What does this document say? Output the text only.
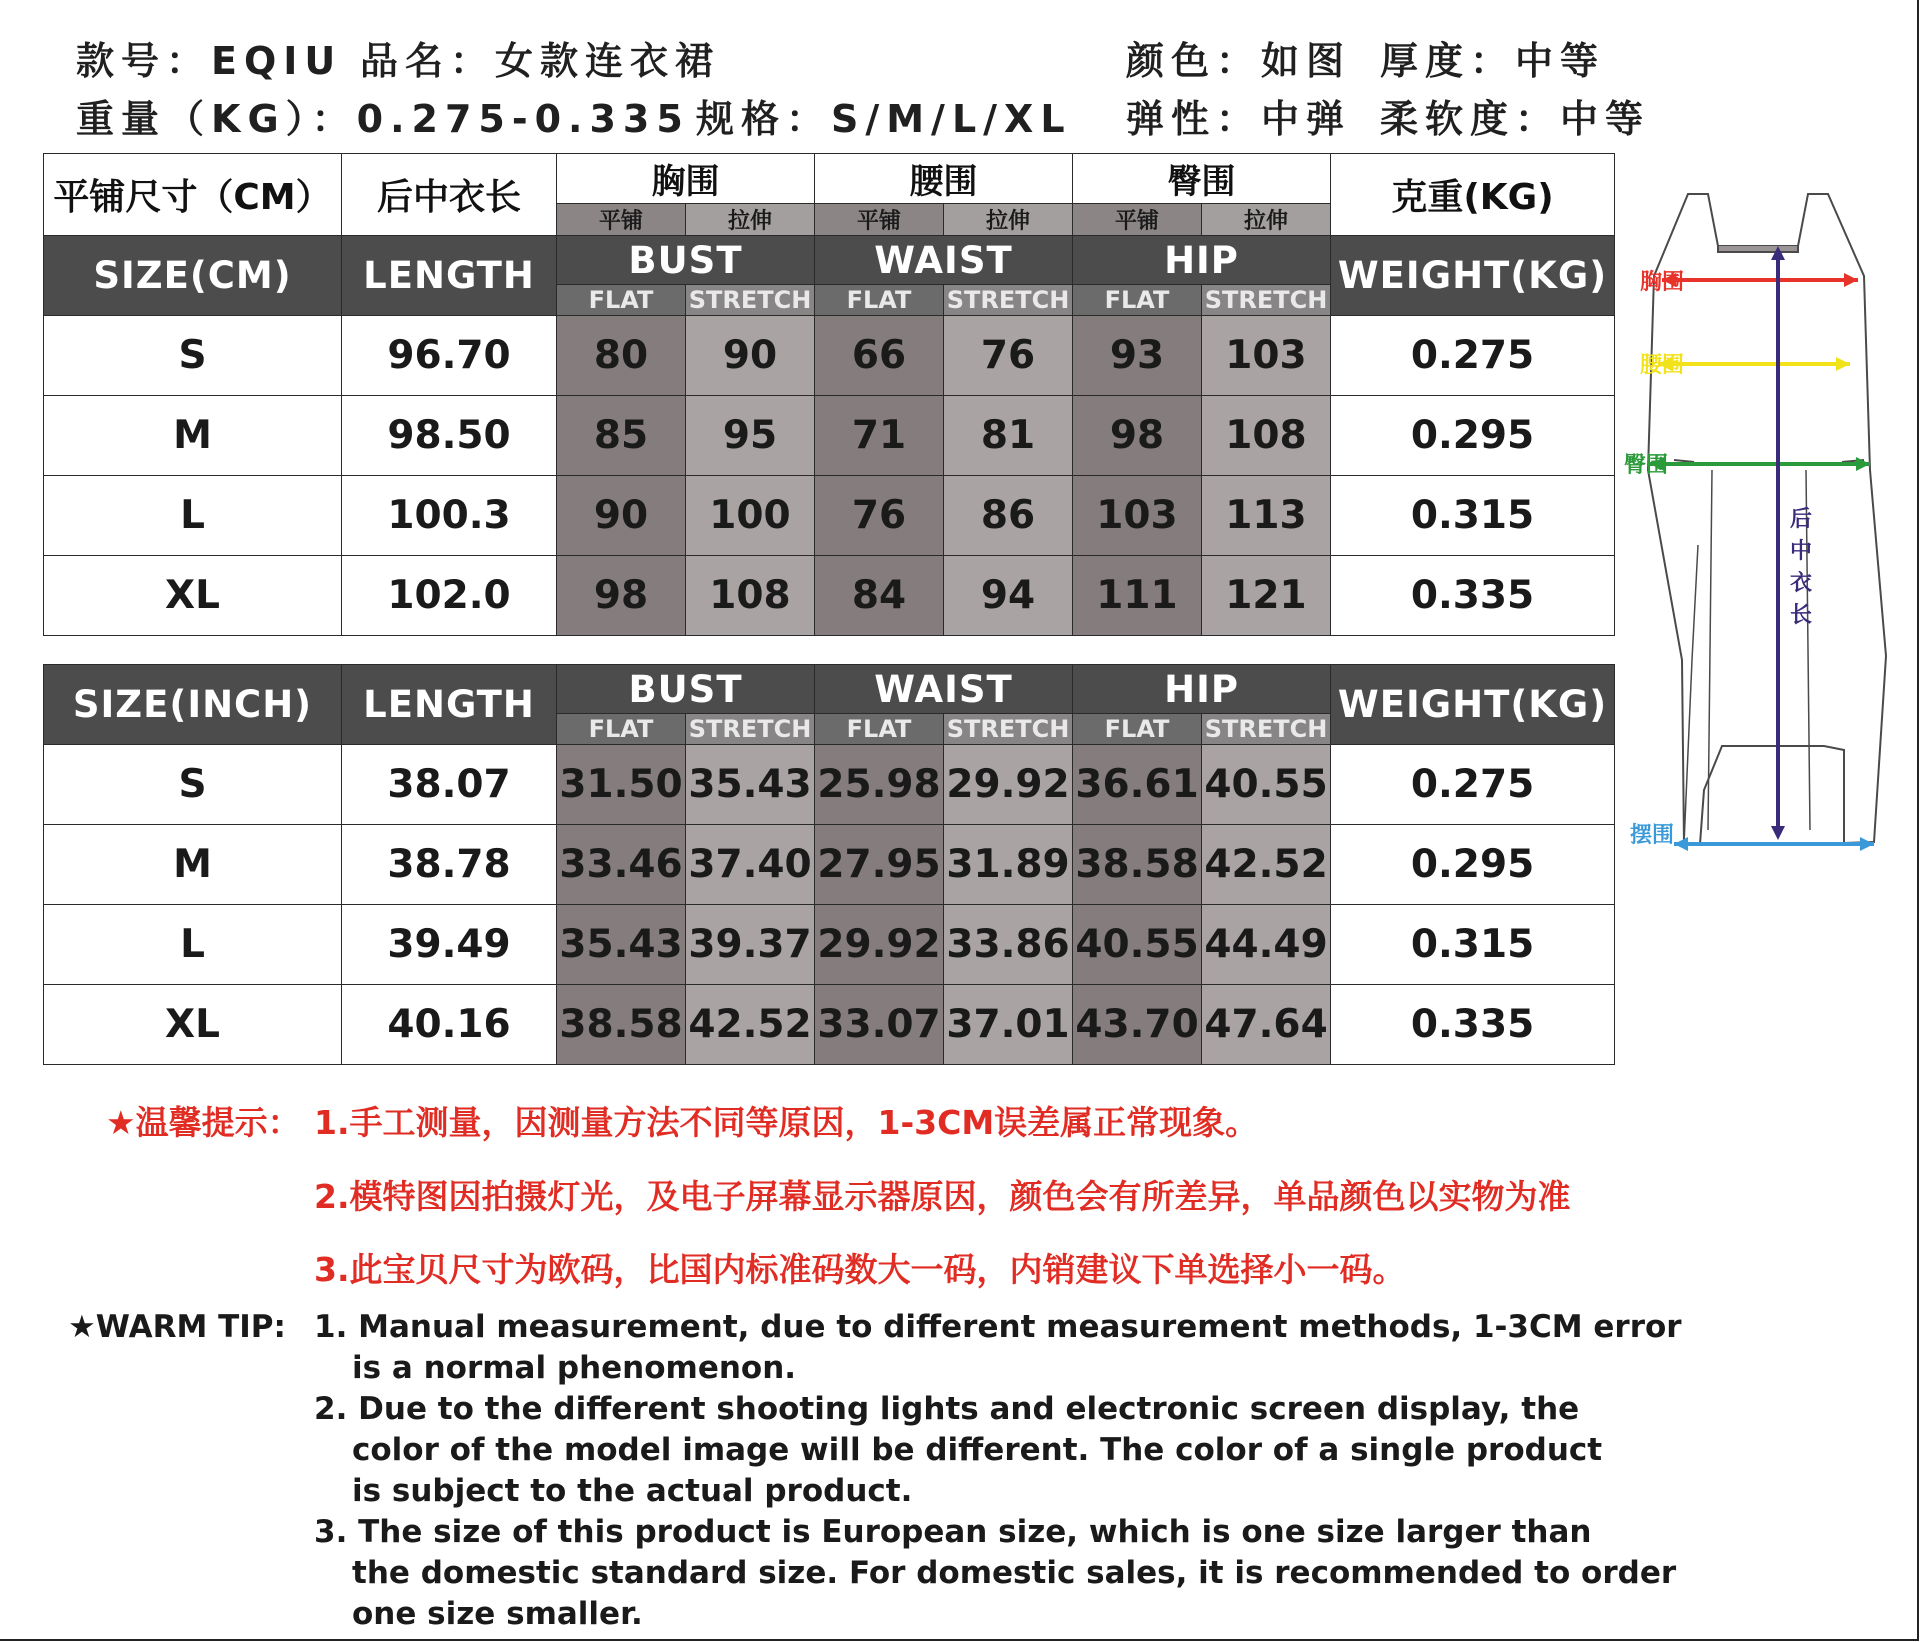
款号：EQIU 品名：女款连衣裙	颜色：如图 厚度：中等
重量（KG）：0.275-0.335 规格：S/M/L/XL 弹性：中弹 柔软度：中等
平铺尺寸（CM）	后中衣长	胸围		腰围		臀围		克重(KG)
		平铺	拉伸	平铺	拉伸	平铺	拉伸	
SIZE(CM)	LENGTH	BUST		WAIST		HIP		WEIGHT(KG)
		FLAT	STRETCH	FLAT	STRETCH	FLAT	STRETCH	
S	96.70	80	90	66	76	93	103	0.275
M	98.50	85	95	71	81	98	108	0.295
L	100.3	90	100	76	86	103	113	0.315
XL	102.0	98	108	84	94	111	121	0.335
SIZE(INCH)	LENGTH	BUST		WAIST		HIP		WEIGHT(KG)
		FLAT	STRETCH	FLAT	STRETCH	FLAT	STRETCH	
S	38.07	31.50	35.43	25.98	29.92	36.61	40.55	0.275
M	38.78	33.46	37.40	27.95	31.89	38.58	42.52	0.295
L	39.49	35.43	39.37	29.92	33.86	40.55	44.49	0.315
XL	40.16	38.58	42.52	33.07	37.01	43.70	47.64	0.335
胸围
腰围
臀围
摆围
后
中
衣
长
★温馨提示： 1.手工测量，因测量方法不同等原因，1-3CM误差属正常现象。
2.模特图因拍摄灯光，及电子屏幕显示器原因，颜色会有所差异，单品颜色以实物为准
3.此宝贝尺寸为欧码，比国内标准码数大一码，内销建议下单选择小一码。
★WARM TIP: 1. Manual measurement, due to different measurement methods, 1-3CM error
is a normal phenomenon.
2. Due to the different shooting lights and electronic screen display, the
color of the model image will be different. The color of a single product
is subject to the actual product.
3. The size of this product is European size, which is one size larger than
the domestic standard size. For domestic sales, it is recommended to order
one size smaller.
